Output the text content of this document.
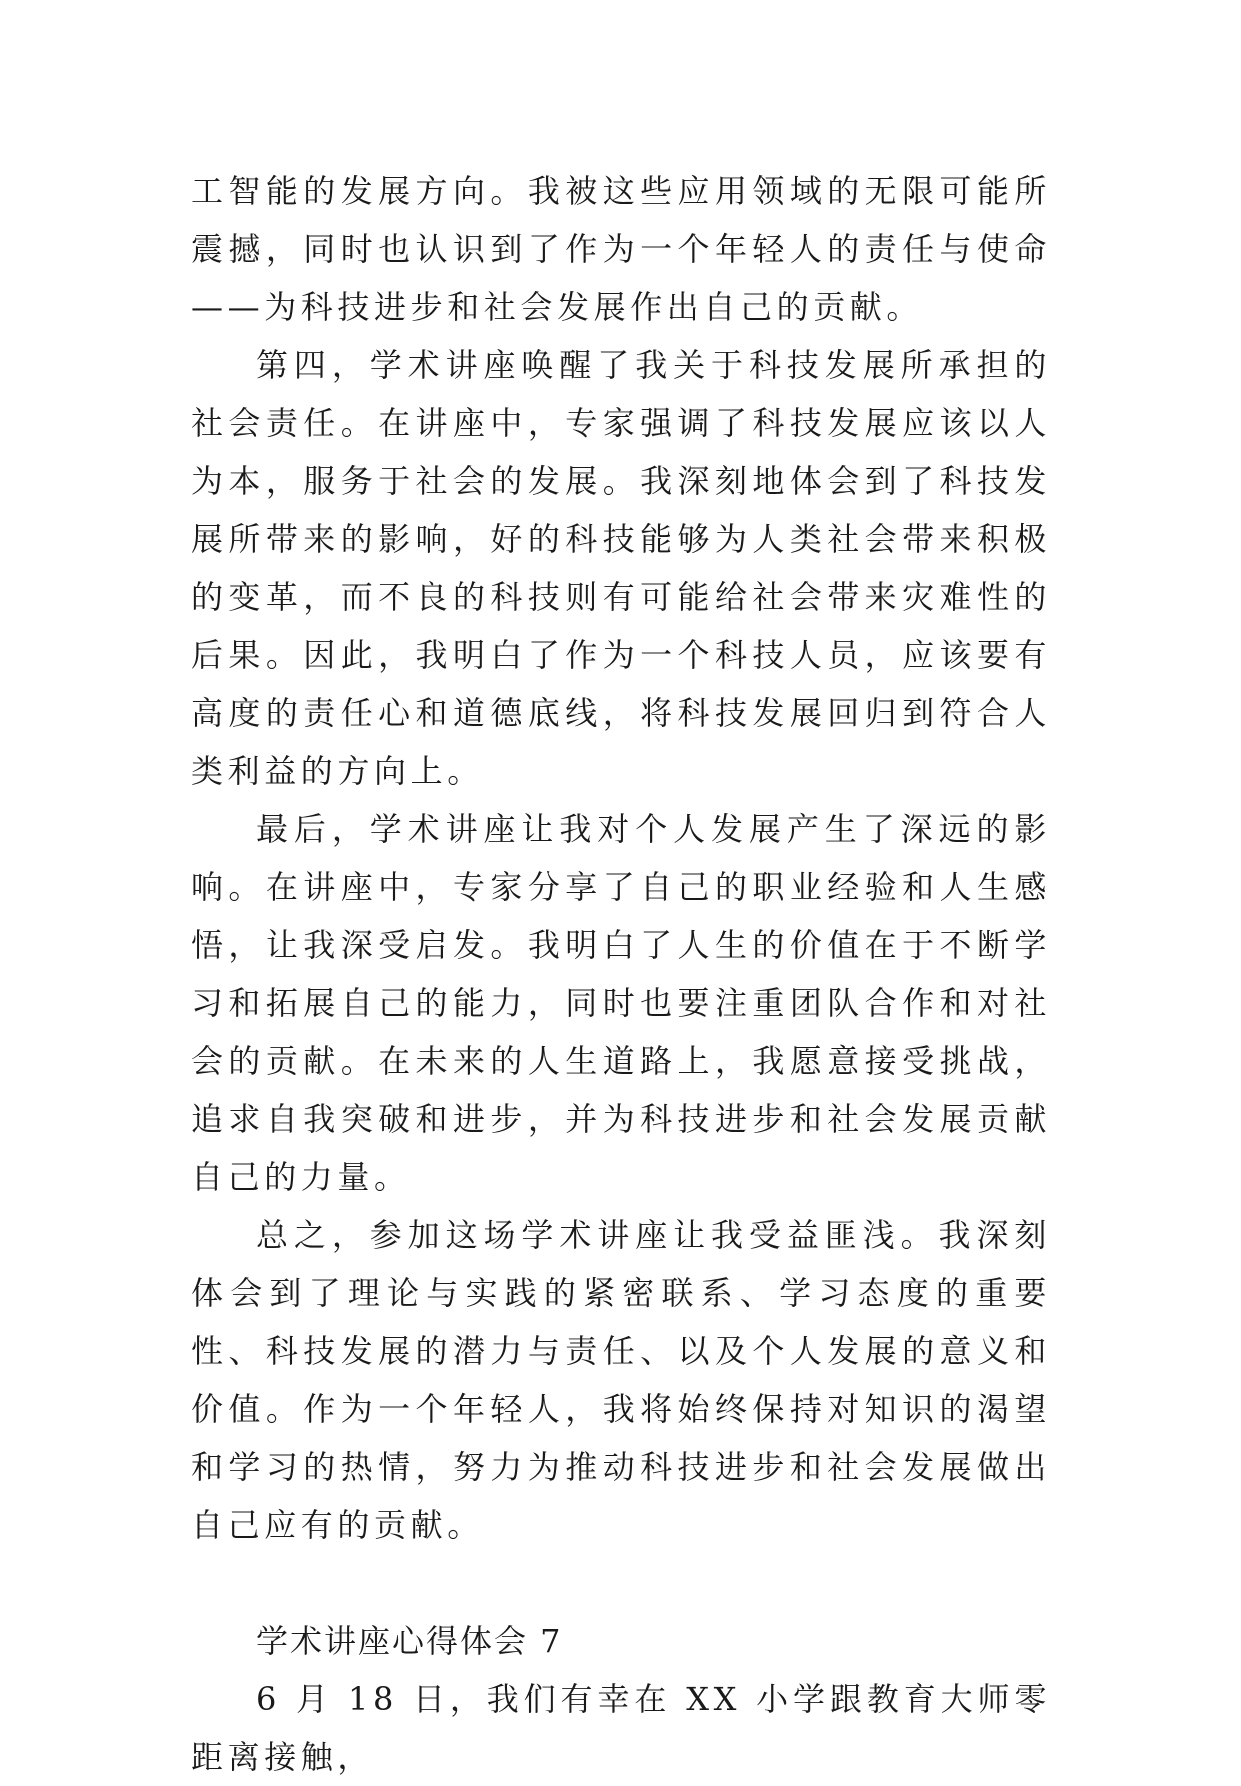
工智能的发展方向。我被这些应用领域的无限可能所震撼，同时也认识到了作为一个年轻人的责任与使命——为科技进步和社会发展作出自己的贡献。

第四，学术讲座唤醒了我关于科技发展所承担的社会责任。在讲座中，专家强调了科技发展应该以人为本，服务于社会的发展。我深刻地体会到了科技发展所带来的影响，好的科技能够为人类社会带来积极的变革，而不良的科技则有可能给社会带来灾难性的后果。因此，我明白了作为一个科技人员，应该要有高度的责任心和道德底线，将科技发展回归到符合人类利益的方向上。

最后，学术讲座让我对个人发展产生了深远的影响。在讲座中，专家分享了自己的职业经验和人生感悟，让我深受启发。我明白了人生的价值在于不断学习和拓展自己的能力，同时也要注重团队合作和对社会的贡献。在未来的人生道路上，我愿意接受挑战，追求自我突破和进步，并为科技进步和社会发展贡献自己的力量。

总之，参加这场学术讲座让我受益匪浅。我深刻体会到了理论与实践的紧密联系、学习态度的重要性、科技发展的潜力与责任、以及个人发展的意义和价值。作为一个年轻人，我将始终保持对知识的渴望和学习的热情，努力为推动科技进步和社会发展做出自己应有的贡献。

学术讲座心得体会 7

6 月 18 日，我们有幸在 XX 小学跟教育大师零距离接触，
